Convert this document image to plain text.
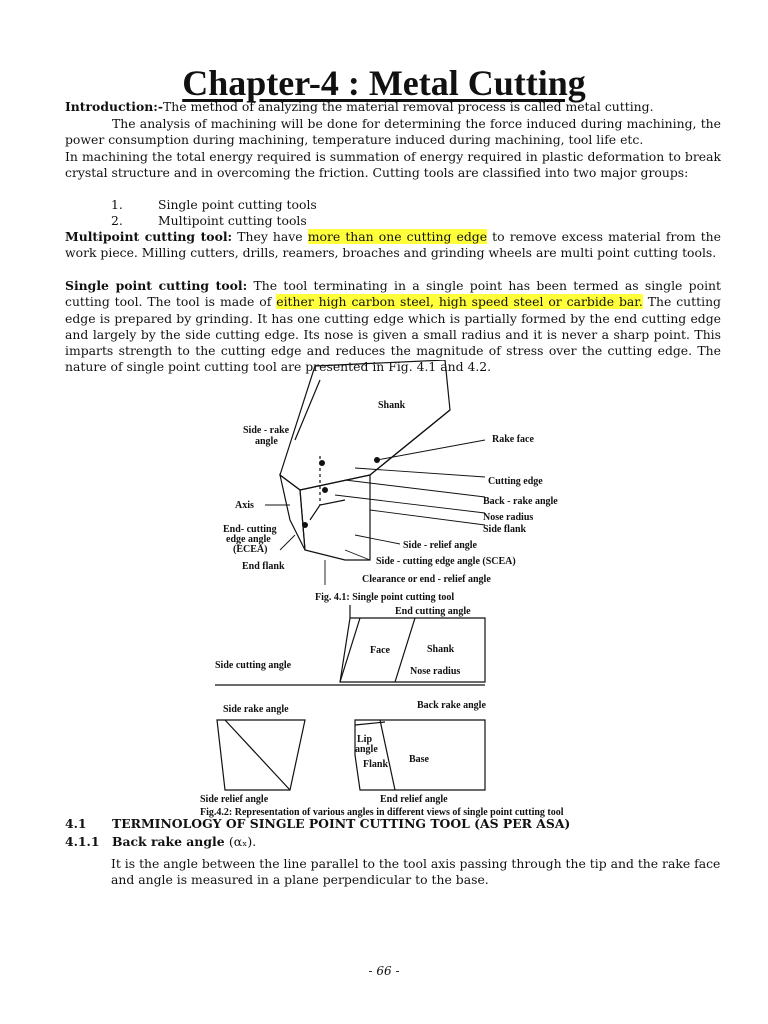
Chapter-4 : Metal Cutting
Introduction:-The method of analyzing the material removal process is called metal cutting.
The analysis of machining will be done for determining the force induced during machining, the power consumption during machining, temperature induced during machining, tool life etc.
In machining the total energy required is summation of energy required in plastic deformation to break crystal structure and in overcoming the friction. Cutting tools are classified into two major groups:
1.	Single point cutting tools
2.	Multipoint cutting tools
Multipoint cutting tool: They have more than one cutting edge to remove excess material from the work piece. Milling cutters, drills, reamers, broaches and grinding wheels are multi point cutting tools.
Single point cutting tool: The tool terminating in a single point has been termed as single point cutting tool. The tool is made of either high carbon steel, high speed steel or carbide bar. The cutting edge is prepared by grinding. It has one cutting edge which is partially formed by the end cutting edge and largely by the side cutting edge. Its nose is given a small radius and it is never a sharp point. This imparts strength to the cutting edge and reduces the magnitude of stress over the cutting edge. The nature of single point cutting tool are presented in Fig. 4.1 and 4.2.
Shank
Side - rake
angle	Rake face
Cutting edge
Back - rake angle
Axis
Nose radius
Side flank
End- cutting
edge angle
(ECEA)	Side - relief angle
Side - cutting edge angle (SCEA)
End flank
Clearance or end - relief angle
Fig. 4.1: Single point cutting tool
End cutting angle
Face	Shank
Nose radius
Side cutting angle
Side rake angle	Back rake angle
Lip
angle
Flank Base
Side relief angle	End relief angle
Fig.4.2: Representation of various angles in different views of single point cutting tool
4.1 TERMINOLOGY OF SINGLE POINT CUTTING TOOL (AS PER ASA)
4.1.1 Back rake angle (αₓ).
It is the angle between the line parallel to the tool axis passing through the tip and the rake face and angle is measured in a plane perpendicular to the base.
- 66 -
